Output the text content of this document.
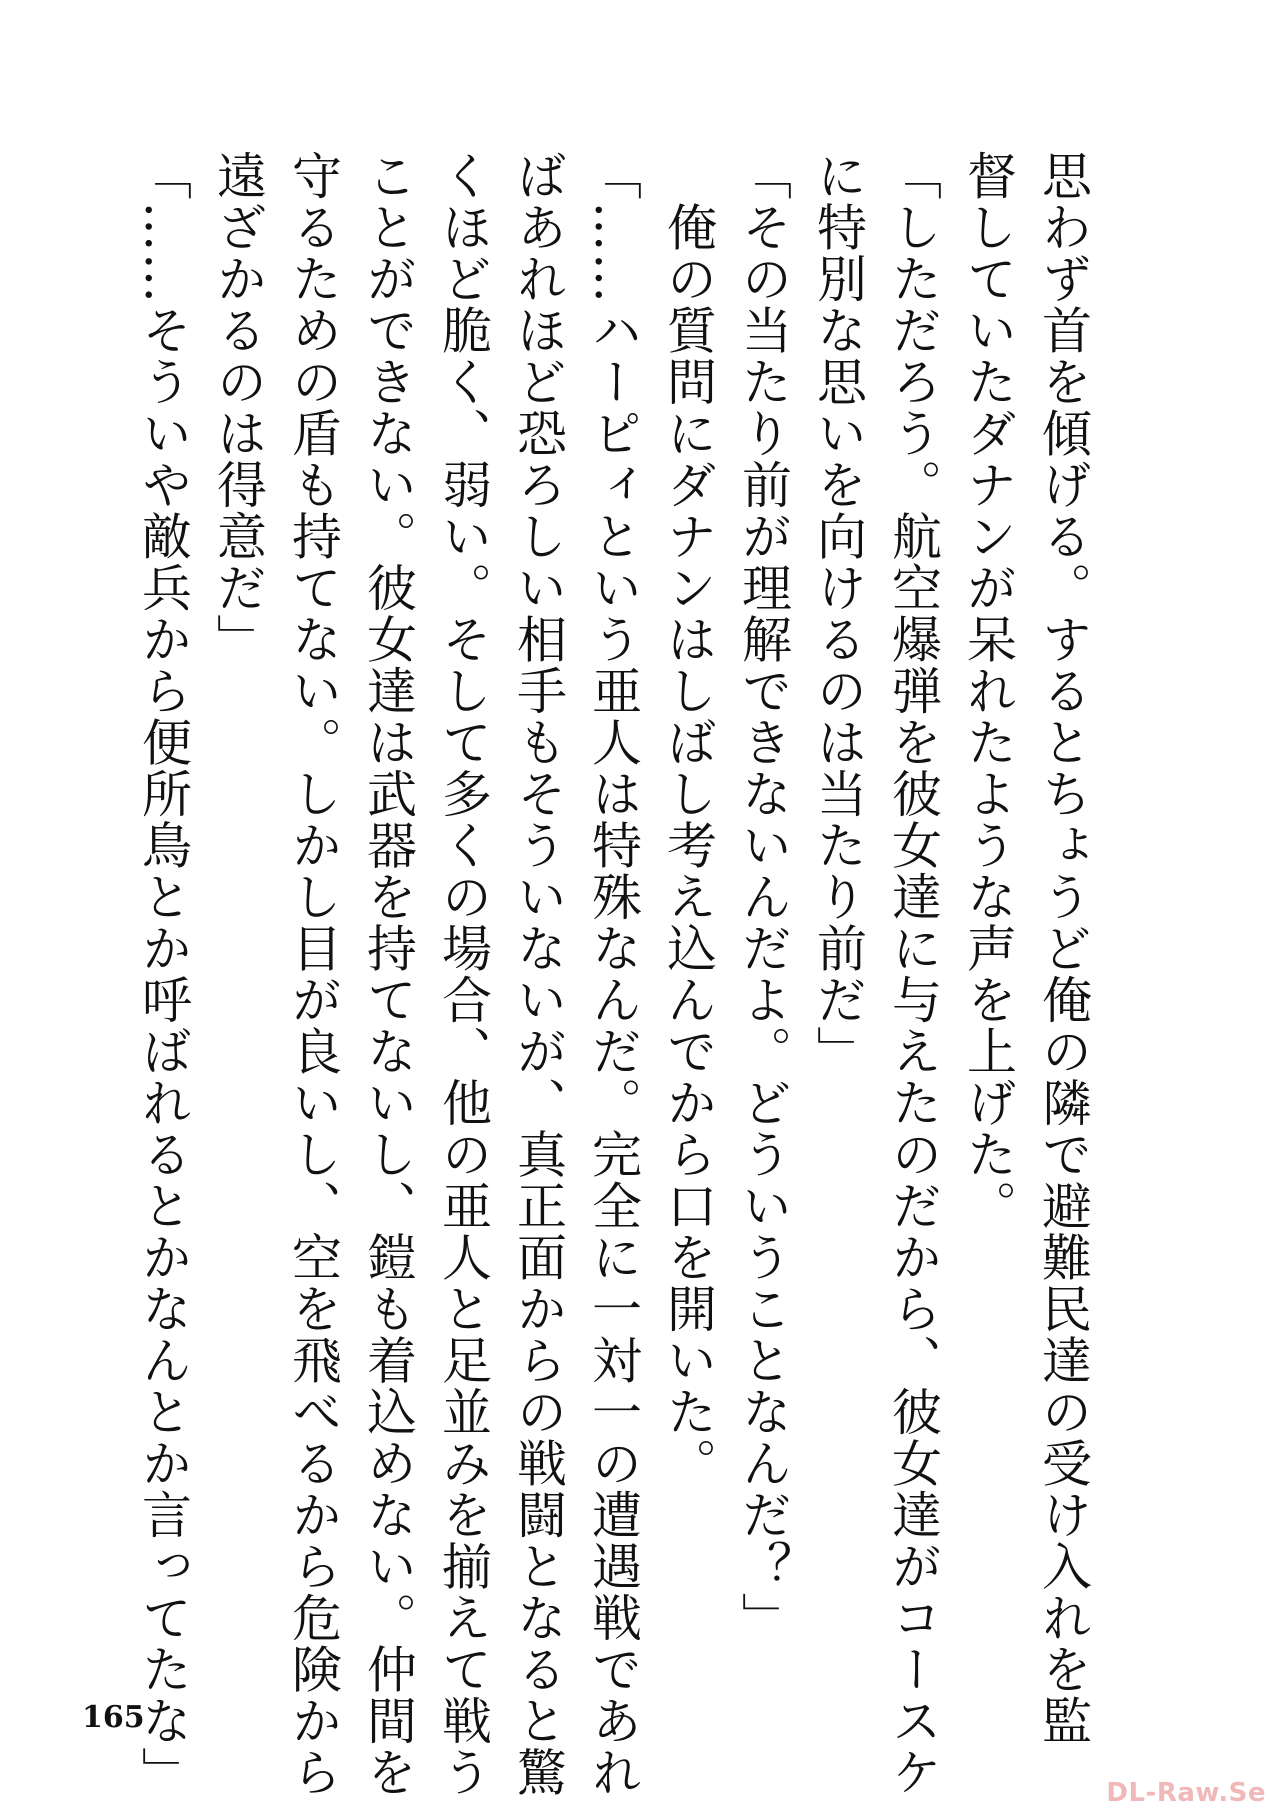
思わず首を傾げる。するとちょうど俺の隣で避難民達の受け入れを監
督していたダナンが呆れたような声を上げた。
「しただろう。航空爆弾を彼女達に与えたのだから、彼女達がコースケ
に特別な思いを向けるのは当たり前だ」
「その当たり前が理解できないんだよ。どういうことなんだ？」
　俺の質問にダナンはしばし考え込んでから口を開いた。
「……ハーピィという亜人は特殊なんだ。完全に一対一の遭遇戦であれ
ばあれほど恐ろしい相手もそういないが、真正面からの戦闘となると驚
くほど脆く、弱い。そして多くの場合、他の亜人と足並みを揃えて戦う
ことができない。彼女達は武器を持てないし、鎧も着込めない。仲間を
守るための盾も持てない。しかし目が良いし、空を飛べるから危険から
遠ざかるのは得意だ」
「……そういや敵兵から便所鳥とか呼ばれるとかなんとか言ってたな」
165
DL-Raw.Se
